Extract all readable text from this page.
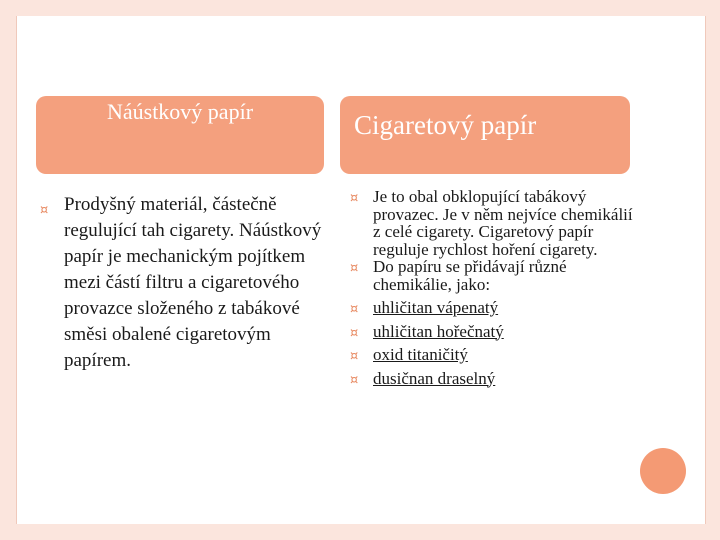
Náústkový papír	Cigaretový papír
¤ Prodyšný materiál, částečně regulující tah cigarety. Náústkový papír je mechanickým pojítkem mezi částí filtru a cigaretového provazce složeného z tabákové směsi obalené cigaretovým papírem.
¤ Je to obal obklopující tabákový provazec. Je v něm nejvíce chemikálií z celé cigarety. Cigaretový papír reguluje rychlost hoření cigarety.
¤ Do papíru se přidávají různé chemikálie, jako:
¤ uhličitan vápenatý
¤ uhličitan hořečnatý
¤ oxid titaničitý
¤ dusičnan draselný
